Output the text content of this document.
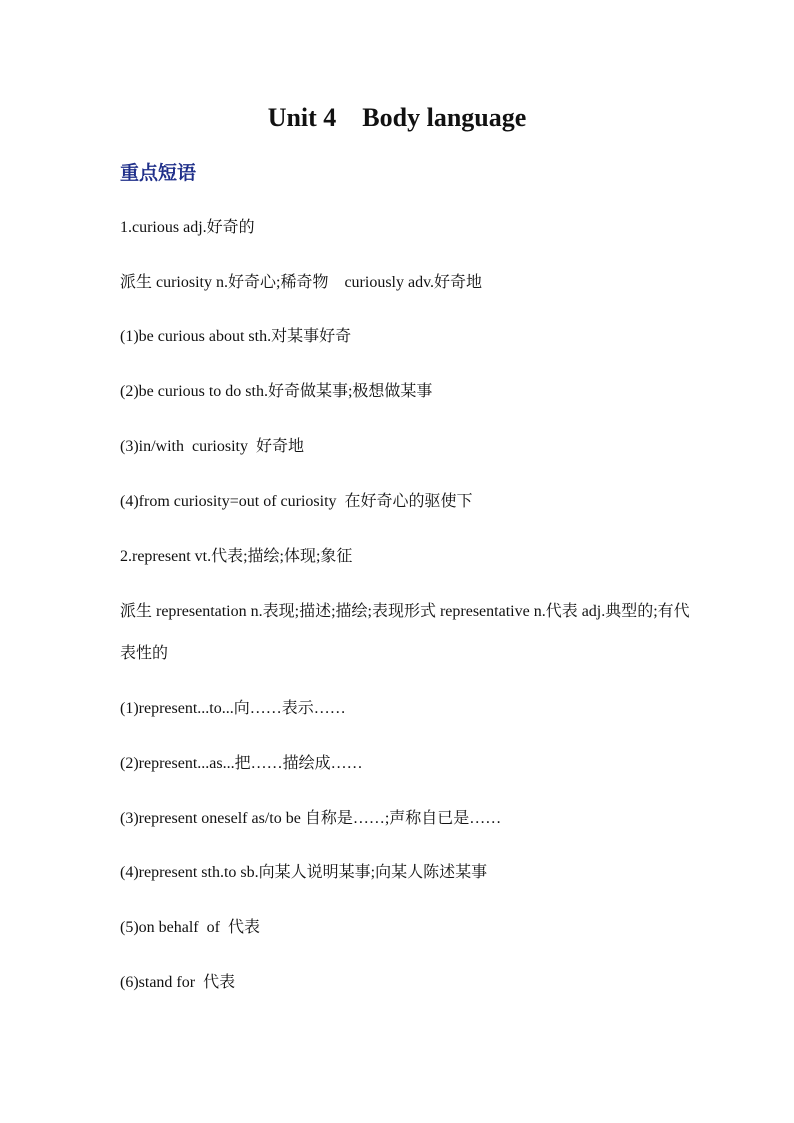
Unit 4    Body language
重点短语
1.curious adj.好奇的
派生 curiosity n.好奇心;稀奇物    curiously adv.好奇地
(1)be curious about sth.对某事好奇
(2)be curious to do sth.好奇做某事;极想做某事
(3)in/with  curiosity  好奇地
(4)from curiosity=out of curiosity  在好奇心的驱使下
2.represent vt.代表;描绘;体现;象征
派生 representation n.表现;描述;描绘;表现形式 representative n.代表 adj.典型的;有代表性的
(1)represent...to...向……表示……
(2)represent...as...把……描绘成……
(3)represent oneself as/to be 自称是……;声称自已是……
(4)represent sth.to sb.向某人说明某事;向某人陈述某事
(5)on behalf  of  代表
(6)stand for  代表
